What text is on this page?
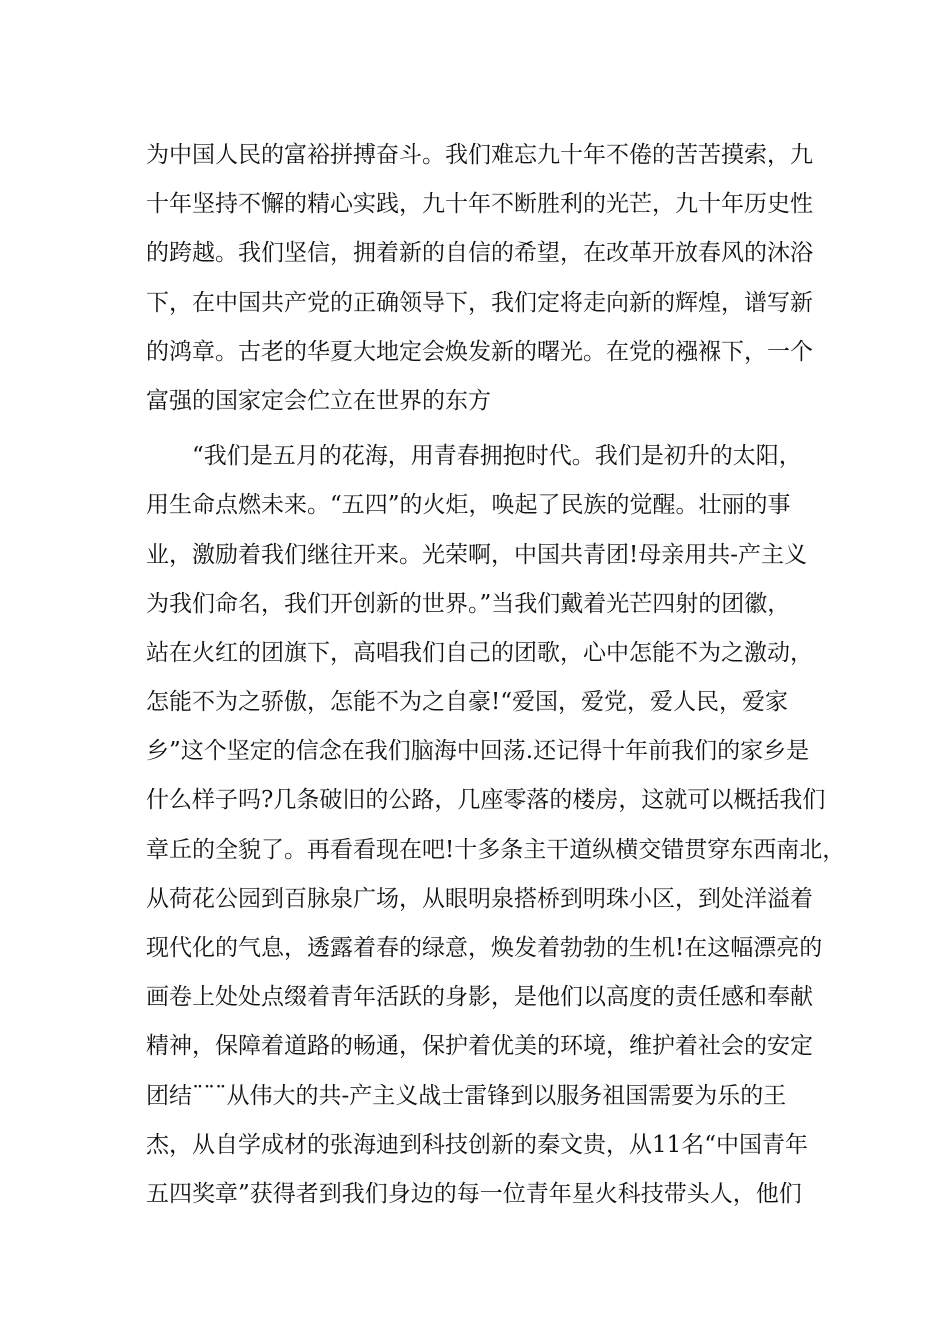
为中国人民的富裕拼搏奋斗。我们难忘九十年不倦的苦苦摸索，九
十年坚持不懈的精心实践，九十年不断胜利的光芒，九十年历史性
的跨越。我们坚信，拥着新的自信的希望，在改革开放春风的沐浴
下，在中国共产党的正确领导下，我们定将走向新的辉煌，谱写新
的鸿章。古老的华夏大地定会焕发新的曙光。在党的襁褓下，一个
富强的国家定会伫立在世界的东方
　　“我们是五月的花海，用青春拥抱时代。我们是初升的太阳，
用生命点燃未来。“五四”的火炬，唤起了民族的觉醒。壮丽的事
业，激励着我们继往开来。光荣啊，中国共青团!母亲用共-产主义
为我们命名，我们开创新的世界。”当我们戴着光芒四射的团徽，
站在火红的团旗下，高唱我们自己的团歌，心中怎能不为之激动，
怎能不为之骄傲，怎能不为之自豪!“爱国，爱党，爱人民，爱家
乡”这个坚定的信念在我们脑海中回荡.还记得十年前我们的家乡是
什么样子吗?几条破旧的公路，几座零落的楼房，这就可以概括我们
章丘的全貌了。再看看现在吧!十多条主干道纵横交错贯穿东西南北，
从荷花公园到百脉泉广场，从眼明泉搭桥到明珠小区，到处洋溢着
现代化的气息，透露着春的绿意，焕发着勃勃的生机!在这幅漂亮的
画卷上处处点缀着青年活跃的身影，是他们以高度的责任感和奉献
精神，保障着道路的畅通，保护着优美的环境，维护着社会的安定
团结¨¨¨从伟大的共-产主义战士雷锋到以服务祖国需要为乐的王
杰，从自学成材的张海迪到科技创新的秦文贵，从11名“中国青年
五四奖章”获得者到我们身边的每一位青年星火科技带头人，他们
